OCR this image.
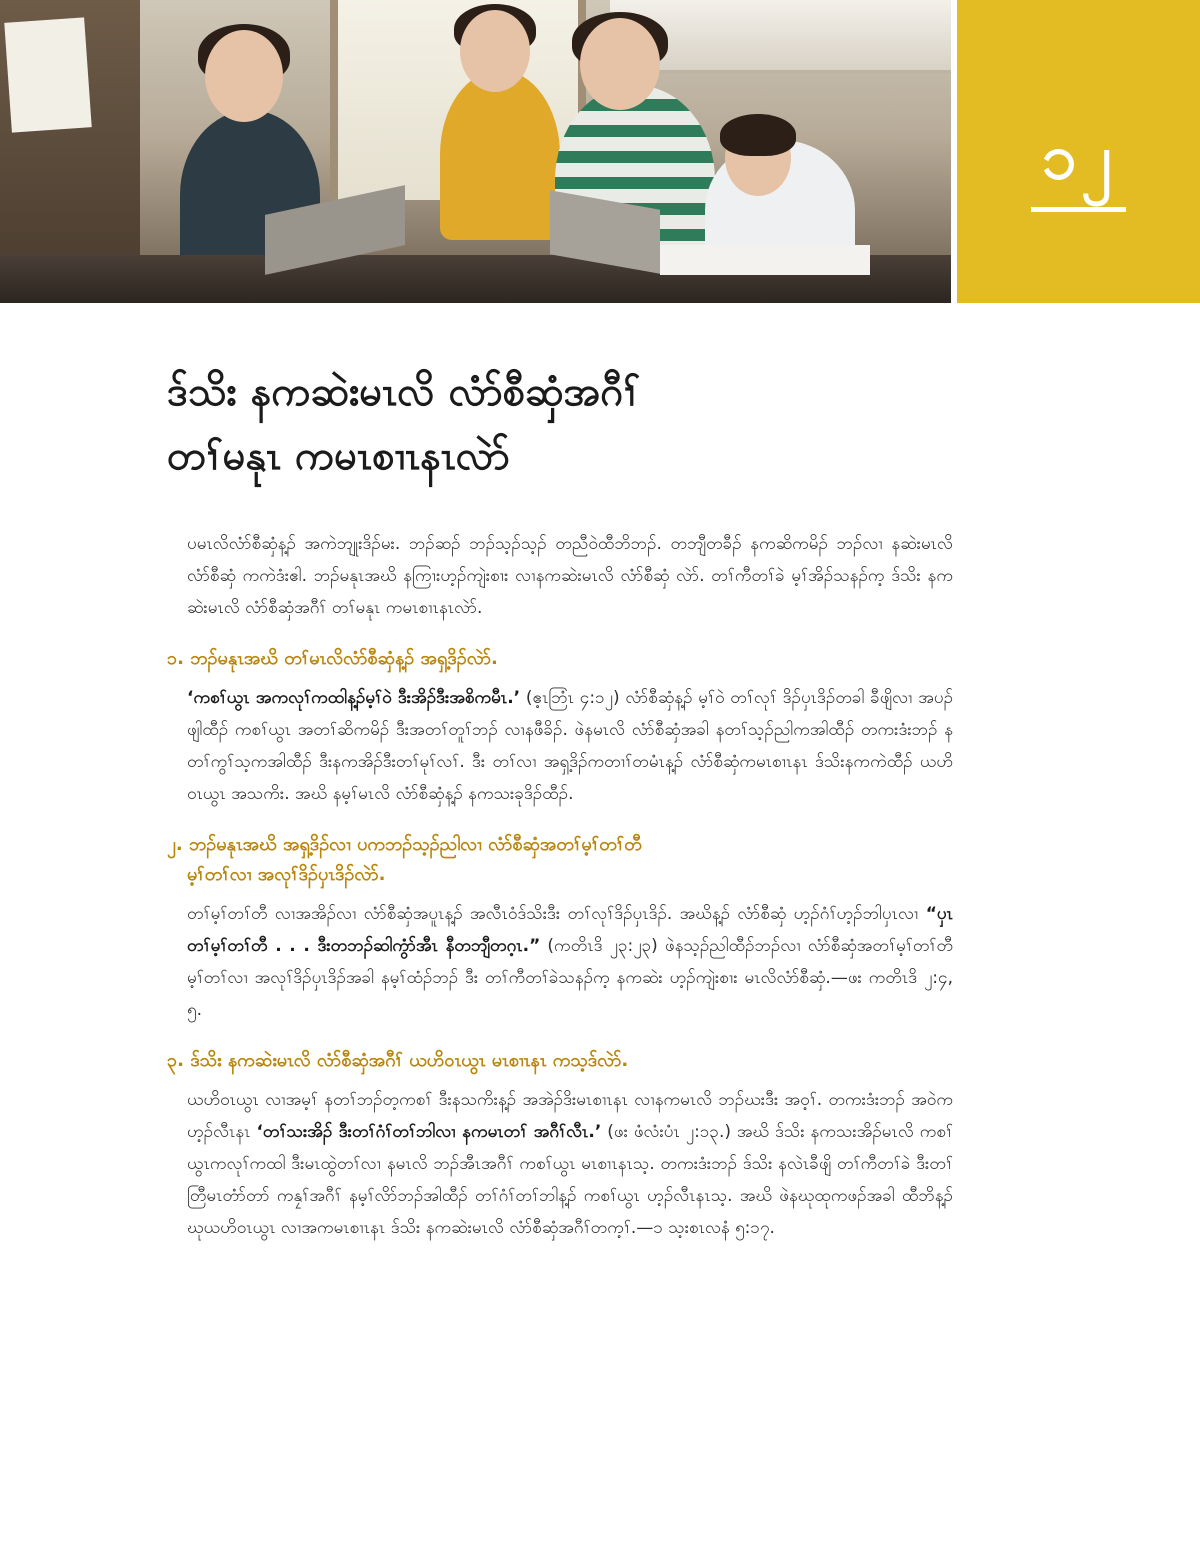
၁၂
ဒ်သိး နကဆဲးမၤလိ လံာ်စီဆှံအဂီၢ်
တၢ်မနုၤ ကမၤစၢၤနၤလဲာ်

ပမၤလိလံာ်စီဆှံန့ၣ် အကဲဘျုးဒိၣ်မး. ဘၣ်ဆၣ် ဘၣ်သ့ၣ်သ့ၣ် တညီဝဲထီဘိဘၣ်. တဘျီတခီၣ် နကဆိကမိၣ် ဘၣ်လၢ နဆဲးမၤလိ လံာ်စီဆှံ ကကဲဒံးဧါ. ဘၣ်မနုၤအဃိ နကြၢးဟ့ၣ်ကျဲးစၢး လၢနကဆဲးမၤလိ လံာ်စီဆှံ လဲာ်. တၢ်ကီတၢ်ခဲ မ့ၢ်အိၣ်သနၣ်က့ ဒ်သိး နကဆဲးမၤလိ လံာ်စီဆှံအဂီၢ် တၢ်မနုၤ ကမၤစၢၤနၤလဲာ်.

၁. ဘၣ်မနုၤအဃိ တၢ်မၤလိလံာ်စီဆှံန့ၣ် အရှ့ဒိၣ်လဲာ်.

‘ကစၢ်ယွၤ အကလုၢ်ကထါန့ၣ်မ့ၢ်ဝဲ ဒီးအိၣ်ဒီးအစိကမီၤ.’ (ဧ့ၤဘြံၤ ၄:၁၂) လံာ်စီဆှံန့ၣ် မ့ၢ်ဝဲ တၢ်လုၢ် ဒိၣ်ပှၤဒိၣ်တခါ ခီဖျိလၢ အပၣ်ဖျါထီၣ် ကစၢ်ယွၤ အတၢ်ဆိကမိၣ် ဒီးအတၢ်တူၢ်ဘၣ် လၢနဖီခိၣ်. ဖဲနမၤလိ လံာ်စီဆှံအခါ နတၢ်သ့ၣ်ညါကအါထီၣ် တကးဒံးဘၣ် နတၢ်ကွၢ်သ့ကအါထီၣ် ဒီးနကအိၣ်ဒီးတၢ်မုၢ်လၢ်. ဒီး တၢ်လၢ အရှ့ဒိၣ်ကတၢၢ်တမံၤန့ၣ် လံာ်စီဆှံကမၤစၢၤနၤ ဒ်သိးနကကဲထီၣ် ယဟိဝၤယွၤ အသကိး. အဃိ နမ့ၢ်မၤလိ လံာ်စီဆှံန့ၣ် နကသးခုဒိၣ်ထီၣ်.

၂. ဘၣ်မနုၤအဃိ အရှ့ဒိၣ်လၢ ပကဘၣ်သ့ၣ်ညါလၢ လံာ်စီဆှံအတၢ်မ့ၢ်တၢ်တီ
မ့ၢ်တၢ်လၢ အလုၢ်ဒိၣ်ပှၤဒိၣ်လဲာ်.

တၢ်မ့ၢ်တၢ်တီ လၢအအိၣ်လၢ လံာ်စီဆှံအပူၤန့ၣ် အလီၤဝံဒ်သိးဒီး တၢ်လုၢ်ဒိၣ်ပှၤဒိၣ်. အဃိန့ၣ် လံာ်စီဆှံ ဟ့ၣ်ဂံၢ်ဟ့ၣ်ဘါပှၤလၢ “ပှၤတၢ်မ့ၢ်တၢ်တီ . . . ဒီးတဘၣ်ဆါကွံာ်အီၤ နီတဘျီတဂ့ၤ.” (ကတိၤဒိ ၂၃:၂၃) ဖဲနသ့ၣ်ညါထီၣ်ဘၣ်လၢ လံာ်စီဆှံအတၢ်မ့ၢ်တၢ်တီ မ့ၢ်တၢ်လၢ အလုၢ်ဒိၣ်ပှၤဒိၣ်အခါ နမ့ၢ်ထံၣ်ဘၣ် ဒီး တၢ်ကီတၢ်ခဲသနၣ်က့ နကဆဲး ဟ့ၣ်ကျဲးစၢး မၤလိလံာ်စီဆှံ.—ဖး ကတိၤဒိ ၂:၄, ၅.

၃. ဒ်သိး နကဆဲးမၤလိ လံာ်စီဆှံအဂီၢ် ယဟိဝၤယွၤ မၤစၢၤနၤ ကသ့ဒ်လဲာ်.

ယဟိဝၤယွၤ လၢအမ့ၢ် နတၢ်ဘၣ်တ့ကစၢ် ဒီးနသကိးန့ၣ် အအဲၣ်ဒိးမၤစၢၤနၤ လၢနကမၤလိ ဘၣ်ဃးဒီး အဝ့ၢ်. တကးဒံးဘၣ် အဝဲကဟ့ၣ်လီၤနၤ ‘တၢ်သးအိၣ် ဒီးတၢ်ဂံၢ်တၢ်ဘါလၢ နကမၤတၢ် အဂီၢ်လီၤ.’ (ဖး ဖံလံးပံၤ ၂:၁၃.) အဃိ ဒ်သိး နကသးအိၣ်မၤလိ ကစၢ်ယွၤကလုၢ်ကထါ ဒီးမၤထွဲတၢ်လၢ နမၤလိ ဘၣ်အီၤအဂီၢ် ကစၢ်ယွၤ မၤစၢၤနၤသ့. တကးဒံးဘၣ် ဒ်သိး နလဲၤခီဖျိ တၢ်ကီတၢ်ခဲ ဒီးတၢ်တြီမၤတံာ်တာ် ကနၠၢ်အဂီၢ် နမ့ၢ်လိာ်ဘၣ်အါထီၣ် တၢ်ဂံၢ်တၢ်ဘါန့ၣ် ကစၢ်ယွၤ ဟ့ၣ်လီၤနၤသ့. အဃိ ဖဲနဃုထုကဖၣ်အခါ ထီဘိန့ၣ် ဃုယဟိဝၤယွၤ လၢအကမၤစၢၤနၤ ဒ်သိး နကဆဲးမၤလိ လံာ်စီဆှံအဂီၢ်တက့ၢ်.—၁ သ့းစၤလနံ ၅:၁၇.
